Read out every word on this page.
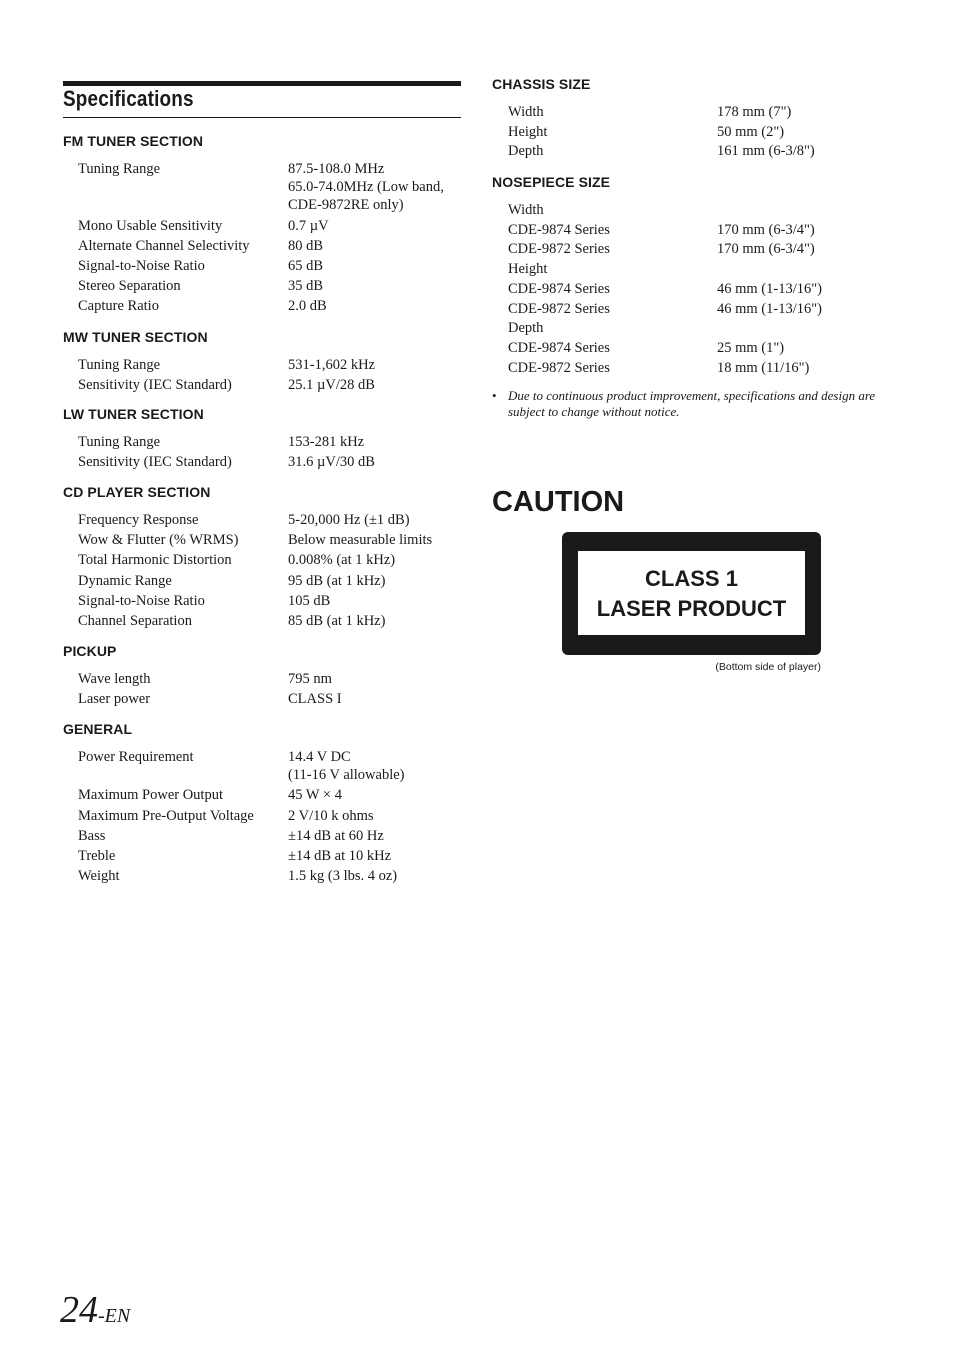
Specifications
• Due to continuous product improvement, specifications and design are subject to change without notice.
CAUTION
CLASS 1
LASER PRODUCT
(Bottom side of player)
24-EN
FM TUNER SECTION
Tuning Range	87.5-108.0 MHz
65.0-74.0MHz (Low band,
CDE-9872RE only)
Mono Usable Sensitivity	0.7 µV
Alternate Channel Selectivity	80 dB
Signal-to-Noise Ratio	65 dB
Stereo Separation	35 dB
Capture Ratio	2.0 dB
MW TUNER SECTION
Tuning Range	531-1,602 kHz
Sensitivity (IEC Standard)	25.1 µV/28 dB
LW TUNER SECTION
Tuning Range	153-281 kHz
Sensitivity (IEC Standard)	31.6 µV/30 dB
CD PLAYER SECTION
Frequency Response	5-20,000 Hz (±1 dB)
Wow & Flutter (% WRMS)	Below measurable limits
Total Harmonic Distortion	0.008% (at 1 kHz)
Dynamic Range	95 dB (at 1 kHz)
Signal-to-Noise Ratio	105 dB
Channel Separation	85 dB (at 1 kHz)
PICKUP
Wave length	795 nm
Laser power	CLASS I
GENERAL
Power Requirement	14.4 V DC
(11-16 V allowable)
Maximum Power Output	45 W × 4
Maximum Pre-Output Voltage 2 V/10 k ohms
Bass	±14 dB at 60 Hz
Treble	±14 dB at 10 kHz
Weight	1.5 kg (3 lbs. 4 oz)
CHASSIS SIZE
Width	178 mm (7")
Height	50 mm (2")
Depth	161 mm (6-3/8")
NOSEPIECE SIZE
Width
CDE-9874 Series	170 mm (6-3/4")
CDE-9872 Series	170 mm (6-3/4")
Height
CDE-9874 Series	46 mm (1-13/16")
CDE-9872 Series	46 mm (1-13/16")
Depth
CDE-9874 Series	25 mm (1")
CDE-9872 Series	18 mm (11/16")
